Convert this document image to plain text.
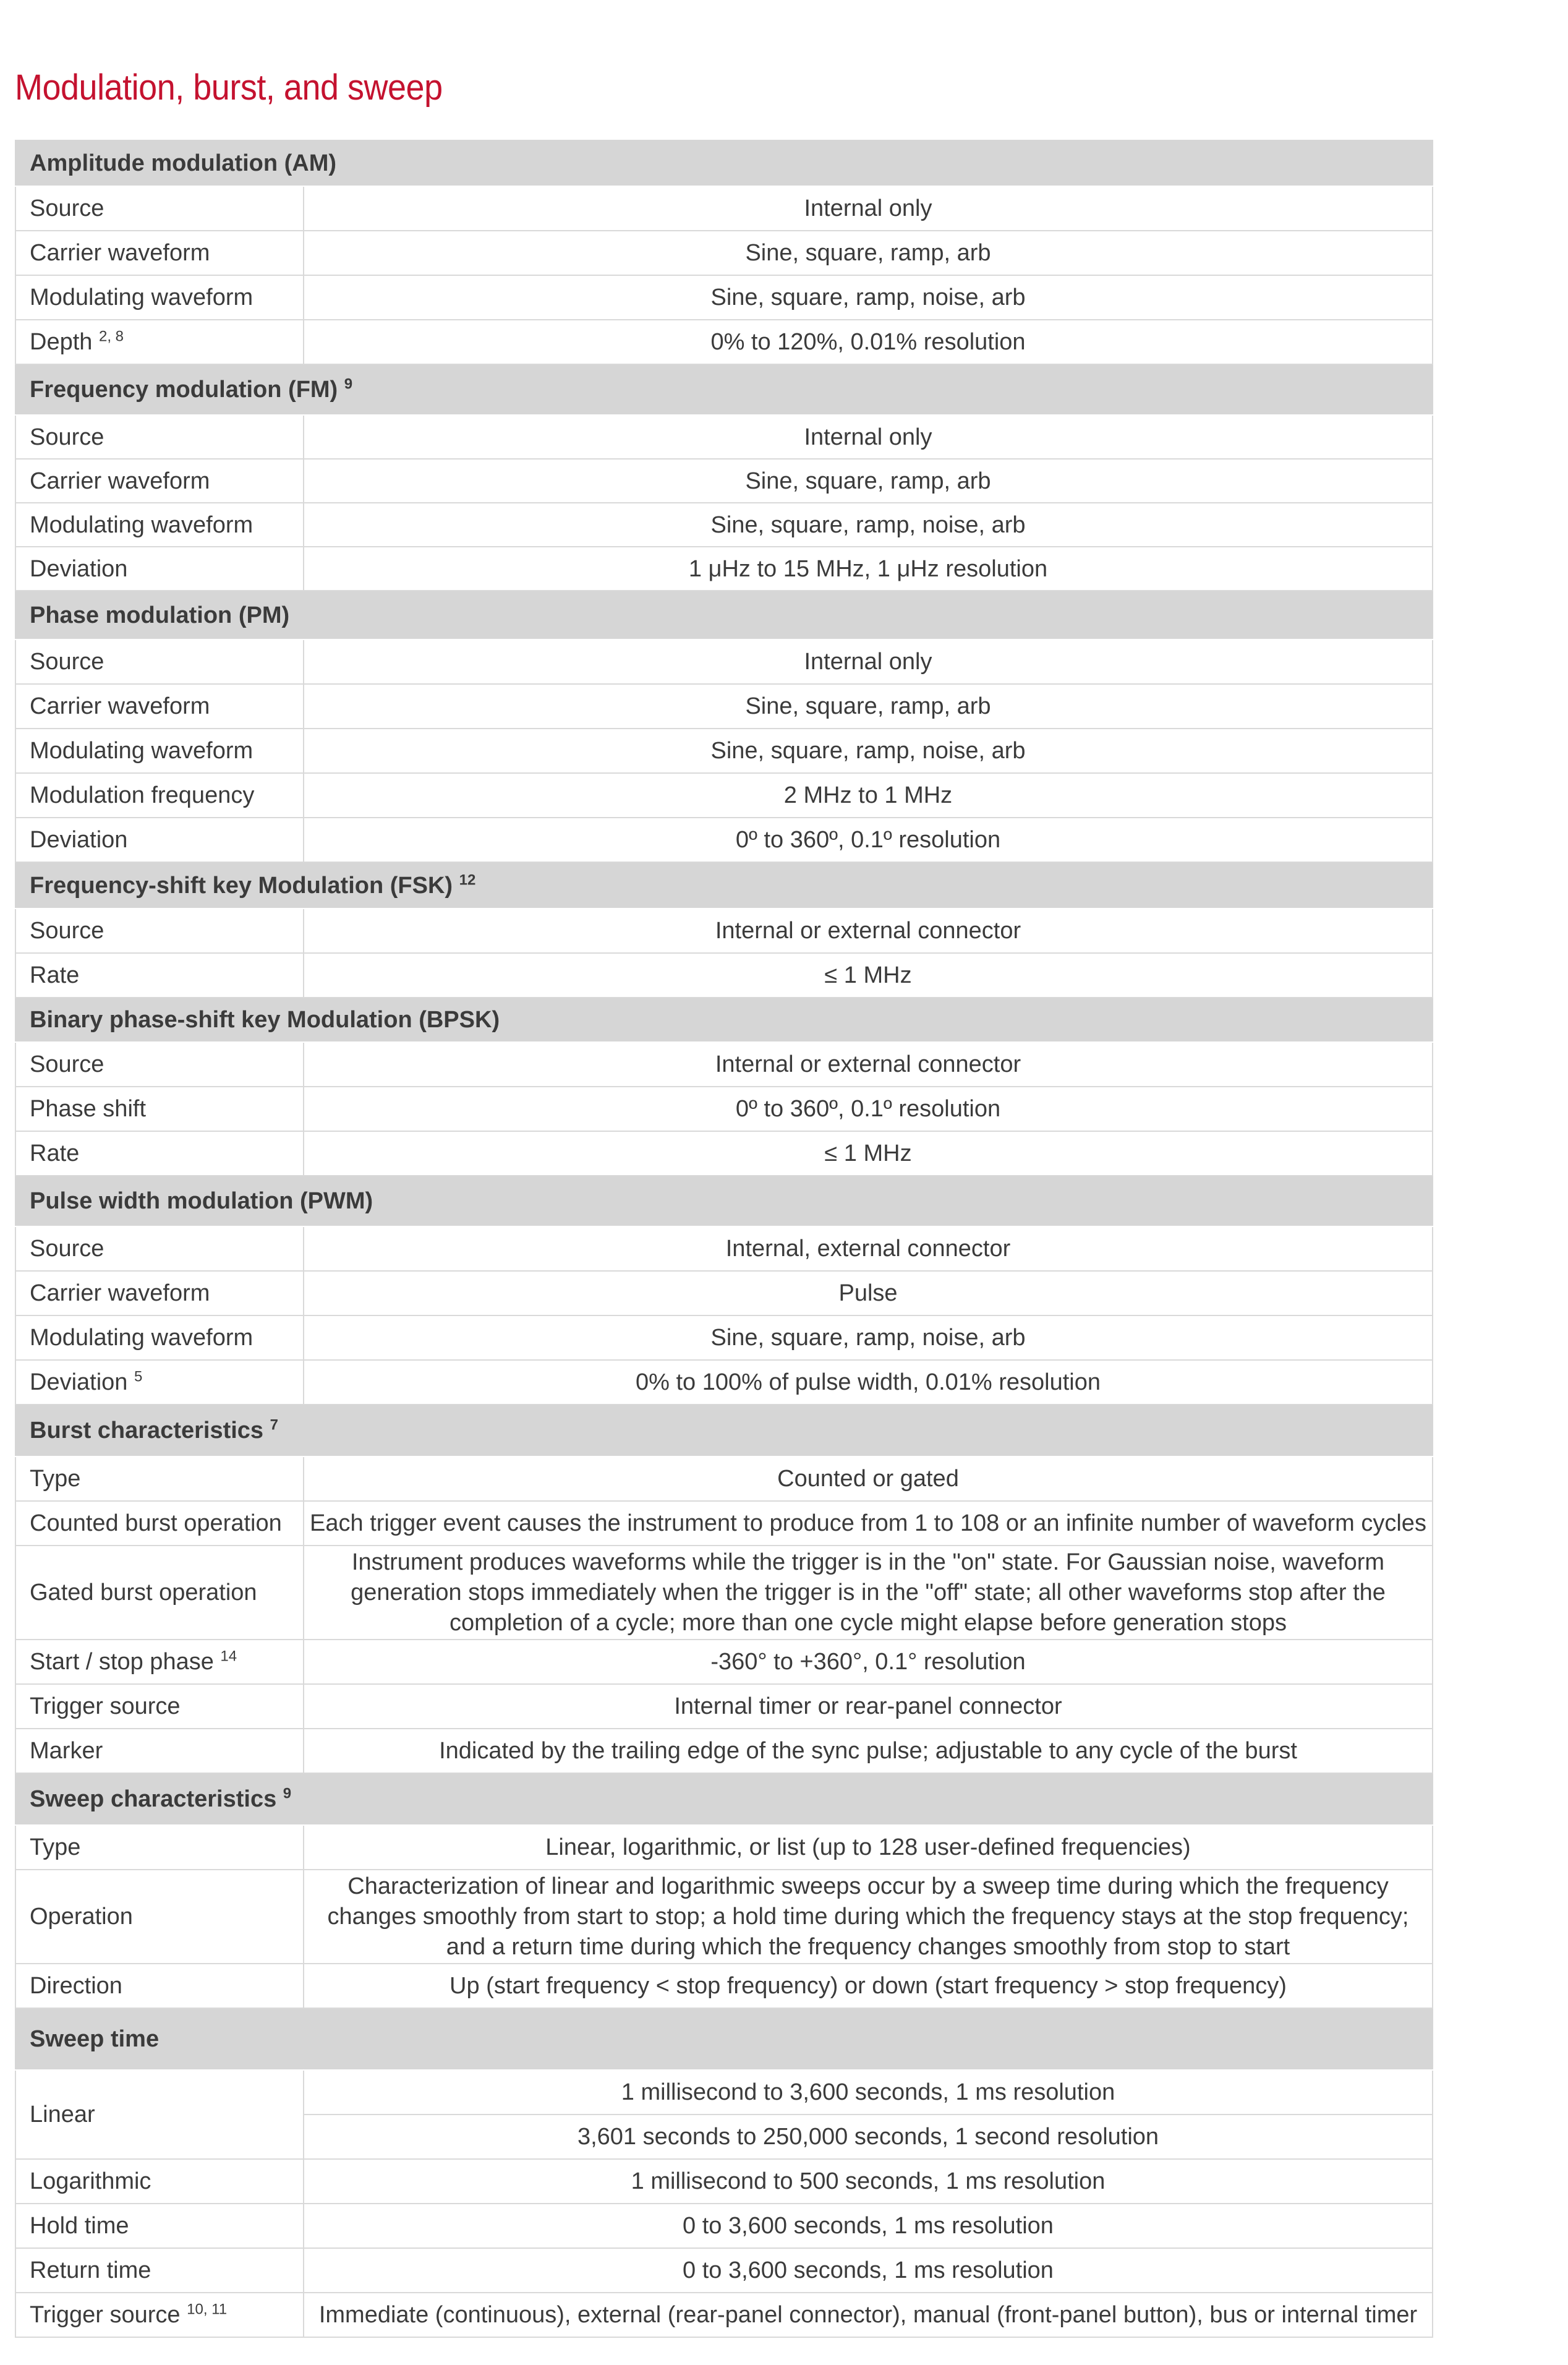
Modulation, burst, and sweep
Amplitude modulation (AM)	
Source	Internal only
Carrier waveform	Sine, square, ramp, arb
Modulating waveform	Sine, square, ramp, noise, arb
Depth $^{2, 8}$	0% to 120%, 0.01% resolution
Frequency modulation (FM) $^9$
Source	Internal only
Carrier waveform	Sine, square, ramp, arb
Modulating waveform	Sine, square, ramp, noise, arb
Deviation	1 μHz to 15 MHz, 1 μHz resolution
Phase modulation (PM)	
Source	Internal only
Carrier waveform	Sine, square, ramp, arb
Modulating waveform	Sine, square, ramp, noise, arb
Modulation frequency	2 MHz to 1 MHz
Deviation	0º to 360º, 0.1º resolution
Frequency-shift key Modulation (FSK) $^{12}$
Source	Internal or external connector
Rate	≤ 1 MHz
Binary phase-shift key Modulation (BPSK)	
Source	Internal or external connector
Phase shift	0º to 360º, 0.1º resolution
Rate	≤ 1 MHz
Pulse width modulation (PWM)	
Source	Internal, external connector
Carrier waveform	Pulse
Modulating waveform	Sine, square, ramp, noise, arb
Deviation $^5$	0% to 100% of pulse width, 0.01% resolution
Burst characteristics $^7$
Type	Counted or gated
Counted burst operation	Each trigger event causes the instrument to produce from 1 to 108 or an infinite number of waveform cycles
Gated burst operation	Instrument produces waveforms while the trigger is in the "on" state. For Gaussian noise, waveform generation stops immediately when the trigger is in the "off" state; all other waveforms stop after the completion of a cycle; more than one cycle might elapse before generation stops
Start / stop phase $^{14}$	-360° to +360°, 0.1° resolution
Trigger source	Internal timer or rear-panel connector
Marker	Indicated by the trailing edge of the sync pulse; adjustable to any cycle of the burst
Sweep characteristics $^9$
Type	Linear, logarithmic, or list (up to 128 user-defined frequencies)
Operation	Characterization of linear and logarithmic sweeps occur by a sweep time during which the frequency changes smoothly from start to stop; a hold time during which the frequency stays at the stop frequency; and a return time during which the frequency changes smoothly from stop to start
Direction	Up (start frequency < stop frequency) or down (start frequency > stop frequency)
Sweep time	
Linear	1 millisecond to 3,600 seconds, 1 ms resolution
	3,601 seconds to 250,000 seconds, 1 second resolution
Logarithmic	1 millisecond to 500 seconds, 1 ms resolution
Hold time	0 to 3,600 seconds, 1 ms resolution
Return time	0 to 3,600 seconds, 1 ms resolution
Trigger source $^{10, 11}$	Immediate (continuous), external (rear-panel connector), manual (front-panel button), bus or internal timer
